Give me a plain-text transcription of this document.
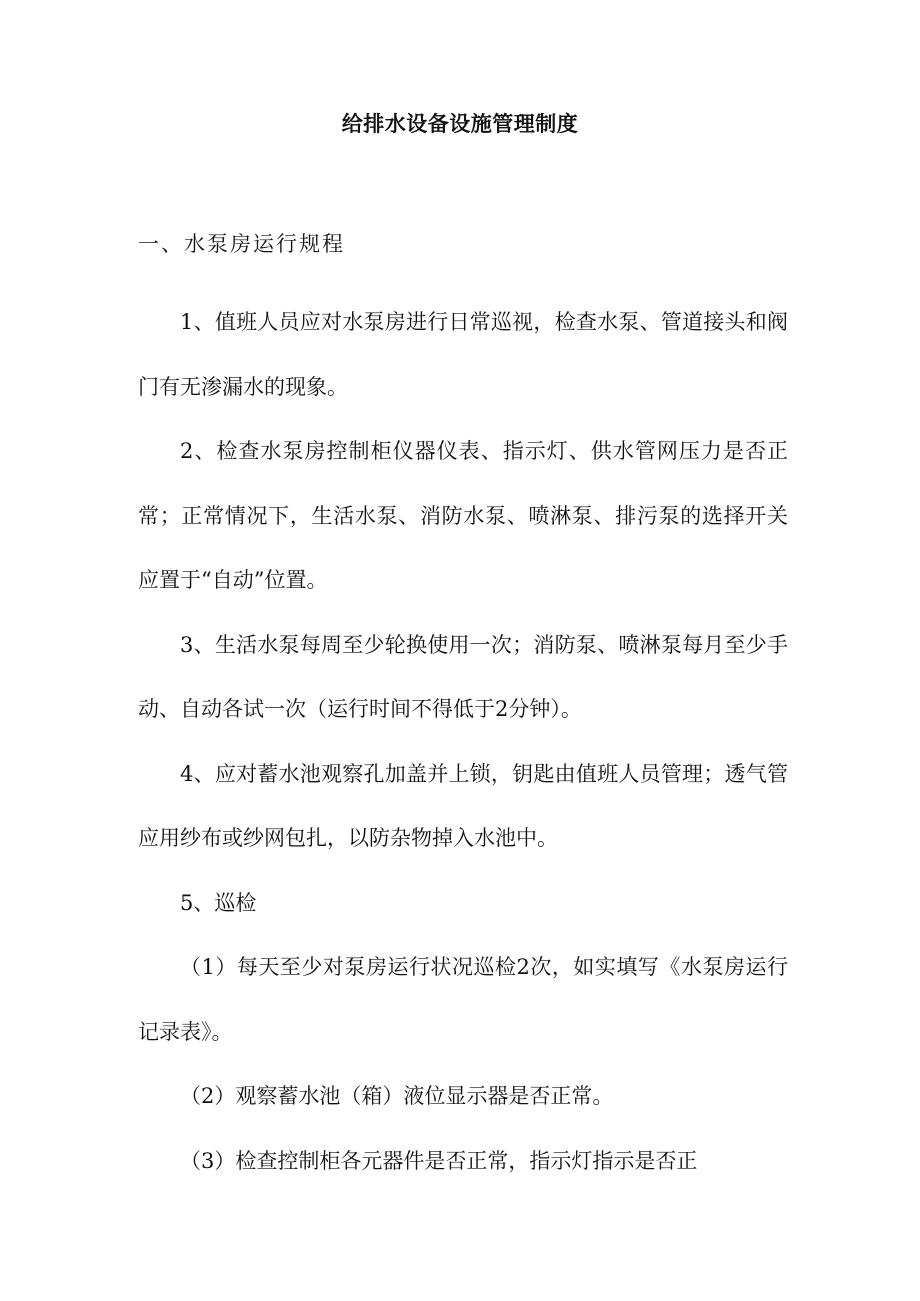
给排水设备设施管理制度
一、水泵房运行规程

1、值班人员应对水泵房进行日常巡视，检查水泵、管道接头和阀门有无渗漏水的现象。

2、检查水泵房控制柜仪器仪表、指示灯、供水管网压力是否正常；正常情况下，生活水泵、消防水泵、喷淋泵、排污泵的选择开关应置于“自动”位置。

3、生活水泵每周至少轮换使用一次；消防泵、喷淋泵每月至少手动、自动各试一次（运行时间不得低于2分钟）。

4、应对蓄水池观察孔加盖并上锁，钥匙由值班人员管理；透气管应用纱布或纱网包扎，以防杂物掉入水池中。

5、巡检

（1）每天至少对泵房运行状况巡检2次，如实填写《水泵房运行记录表》。

（2）观察蓄水池（箱）液位显示器是否正常。

（3）检查控制柜各元器件是否正常，指示灯指示是否正
